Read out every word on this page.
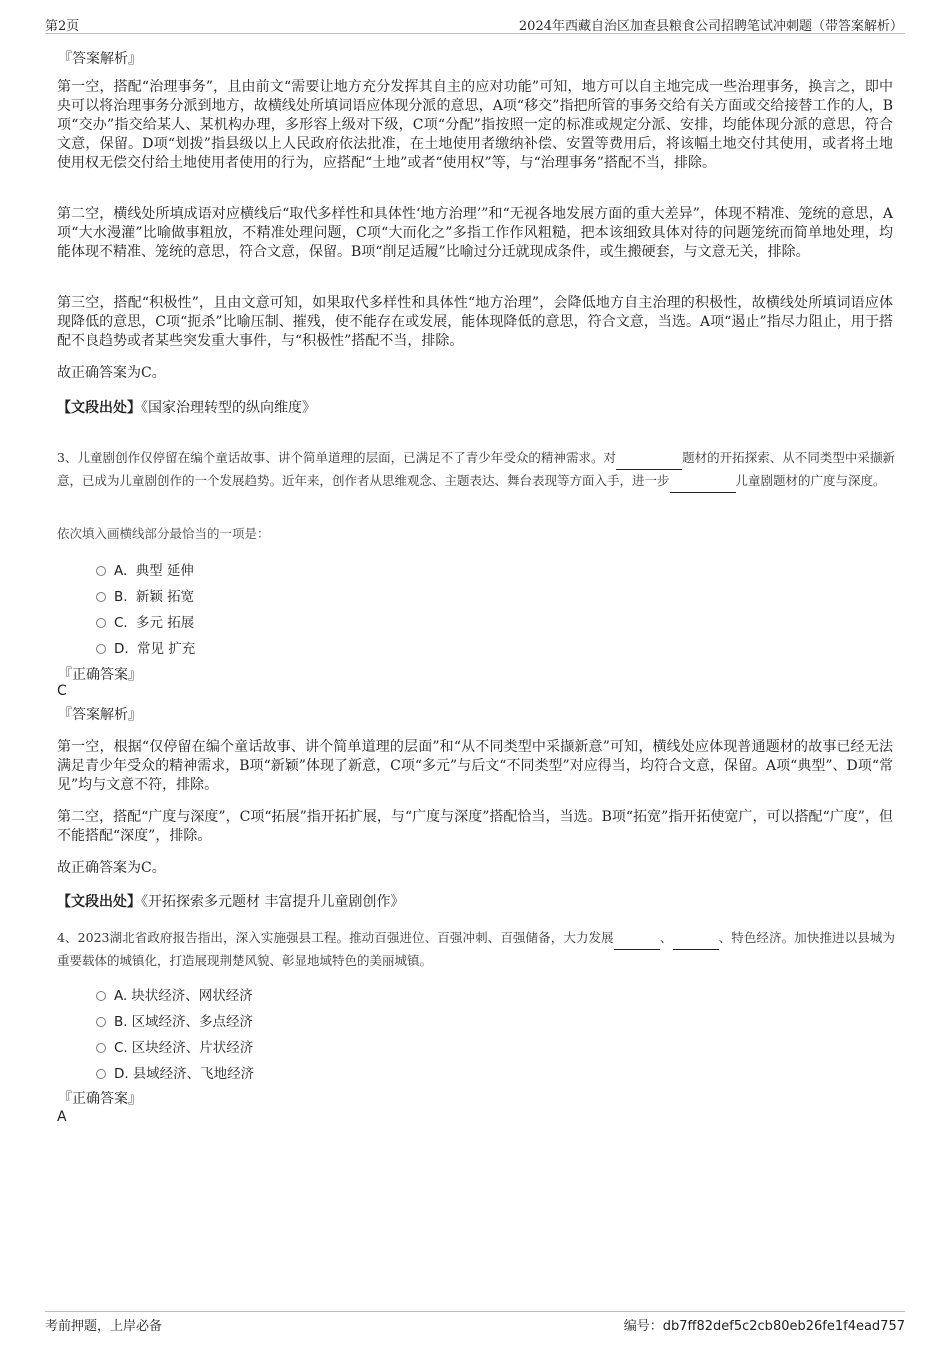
第2页	2024年西藏自治区加查县粮食公司招聘笔试冲刺题（带答案解析）
『答案解析』

第一空，搭配“治理事务”，且由前文“需要让地方充分发挥其自主的应对功能”可知，地方可以自主地完成一些治理事务，换言之，即中央可以将治理事务分派到地方，故横线处所填词语应体现分派的意思，A项“移交”指把所管的事务交给有关方面或交给接替工作的人，B项“交办”指交给某人、某机构办理，多形容上级对下级，C项“分配”指按照一定的标准或规定分派、安排，均能体现分派的意思，符合文意，保留。D项“划拨”指县级以上人民政府依法批准，在土地使用者缴纳补偿、安置等费用后，将该幅土地交付其使用，或者将土地使用权无偿交付给土地使用者使用的行为，应搭配“土地”或者“使用权”等，与“治理事务”搭配不当，排除。

第二空，横线处所填成语对应横线后“取代多样性和具体性‘地方治理’”和“无视各地发展方面的重大差异”，体现不精准、笼统的意思，A项“大水漫灌”比喻做事粗放，不精准处理问题，C项“大而化之”多指工作作风粗糙，把本该细致具体对待的问题笼统而简单地处理，均能体现不精准、笼统的意思，符合文意，保留。B项“削足适履”比喻过分迁就现成条件，或生搬硬套，与文意无关，排除。

第三空，搭配“积极性”，且由文意可知，如果取代多样性和具体性“地方治理”，会降低地方自主治理的积极性，故横线处所填词语应体现降低的意思，C项“扼杀”比喻压制、摧残，使不能存在或发展，能体现降低的意思，符合文意，当选。A项“遏止”指尽力阻止，用于搭配不良趋势或者某些突发重大事件，与“积极性”搭配不当，排除。

故正确答案为C。

【文段出处】《国家治理转型的纵向维度》

3、儿童剧创作仅停留在编个童话故事、讲个简单道理的层面，已满足不了青少年受众的精神需求。对	题材的开拓探索、从不同类型中采撷新意，已成为儿童剧创作的一个发展趋势。近年来，创作者从思维观念、主题表达、舞台表现等方面入手，进一步	儿童剧题材的广度与深度。

依次填入画横线部分最恰当的一项是：
A. 典型 延伸
B. 新颖 拓宽
C. 多元 拓展
D. 常见 扩充
『正确答案』
C
『答案解析』

第一空，根据“仅停留在编个童话故事、讲个简单道理的层面”和“从不同类型中采撷新意”可知，横线处应体现普通题材的故事已经无法满足青少年受众的精神需求，B项“新颖”体现了新意，C项“多元”与后文“不同类型”对应得当，均符合文意，保留。A项“典型”、D项“常见”均与文意不符，排除。

第二空，搭配“广度与深度”，C项“拓展”指开拓扩展，与“广度与深度”搭配恰当，当选。B项“拓宽”指开拓使宽广，可以搭配“广度”，但不能搭配“深度”，排除。

故正确答案为C。

【文段出处】《开拓探索多元题材 丰富提升儿童剧创作》

4、2023湖北省政府报告指出，深入实施强县工程。推动百强进位、百强冲刺、百强储备，大力发展	、	、特色经济。加快推进以县城为重要载体的城镇化，打造展现荆楚风貌、彰显地域特色的美丽城镇。

A. 块状经济、网状经济
B. 区域经济、多点经济
C. 区块经济、片状经济
D. 县域经济、飞地经济
『正确答案』
A
考前押题，上岸必备	编号：db7ff82def5c2cb80eb26fe1f4ead757
